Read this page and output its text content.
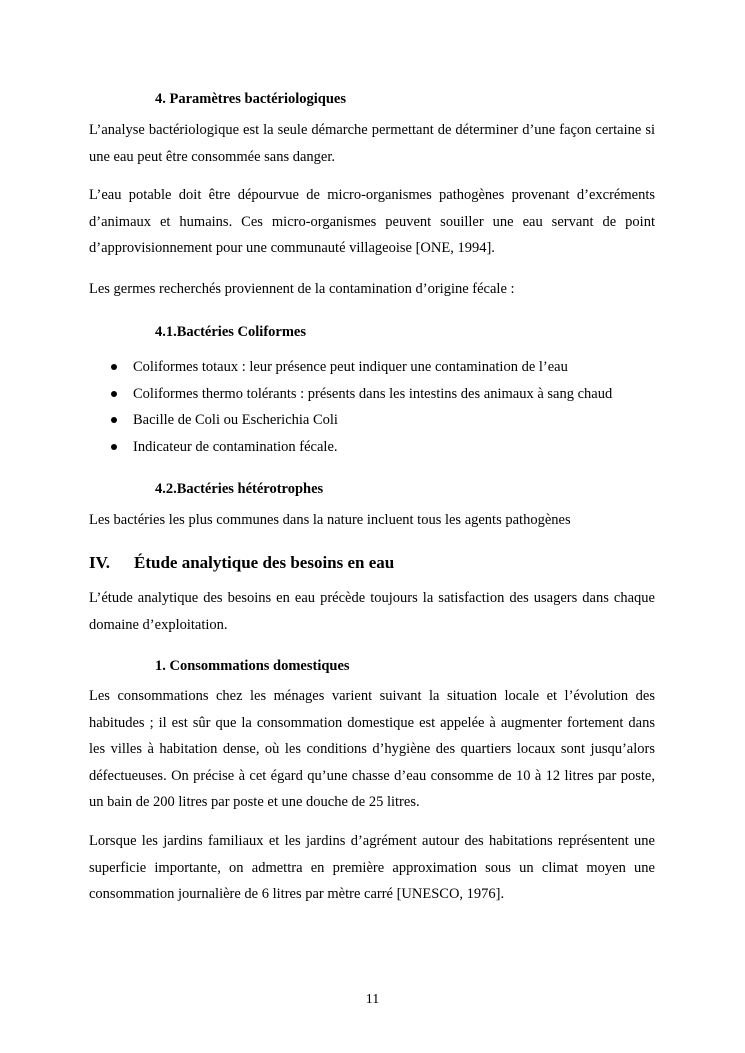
4. Paramètres bactériologiques

L’analyse bactériologique est la seule démarche permettant de déterminer d’une façon certaine si une eau peut être consommée sans danger.

L’eau potable doit être dépourvue de micro-organismes pathogènes provenant d’excréments d’animaux et humains. Ces micro-organismes peuvent souiller une eau servant de point d’approvisionnement pour une communauté villageoise [ONE, 1994].

Les germes recherchés proviennent de la contamination d’origine fécale :

4.1.Bactéries Coliformes
Coliformes totaux : leur présence peut indiquer une contamination de l’eau
Coliformes thermo tolérants : présents dans les intestins des animaux à sang chaud
Bacille de Coli ou Escherichia Coli
Indicateur de contamination fécale.
4.2.Bactéries hétérotrophes

Les bactéries les plus communes dans la nature incluent tous les agents pathogènes

IV. Étude analytique des besoins en eau

L’étude analytique des besoins en eau précède toujours la satisfaction des usagers dans chaque domaine d’exploitation.

1. Consommations domestiques

Les consommations chez les ménages varient suivant la situation locale et l’évolution des habitudes ; il est sûr que la consommation domestique est appelée à augmenter fortement dans les villes à habitation dense, où les conditions d’hygiène des quartiers locaux sont jusqu’alors défectueuses. On précise à cet égard qu’une chasse d’eau consomme de 10 à 12 litres par poste, un bain de 200 litres par poste et une douche de 25 litres.

Lorsque les jardins familiaux et les jardins d’agrément autour des habitations représentent une superficie importante, on admettra en première approximation sous un climat moyen une consommation journalière de 6 litres par mètre carré [UNESCO, 1976].

11
